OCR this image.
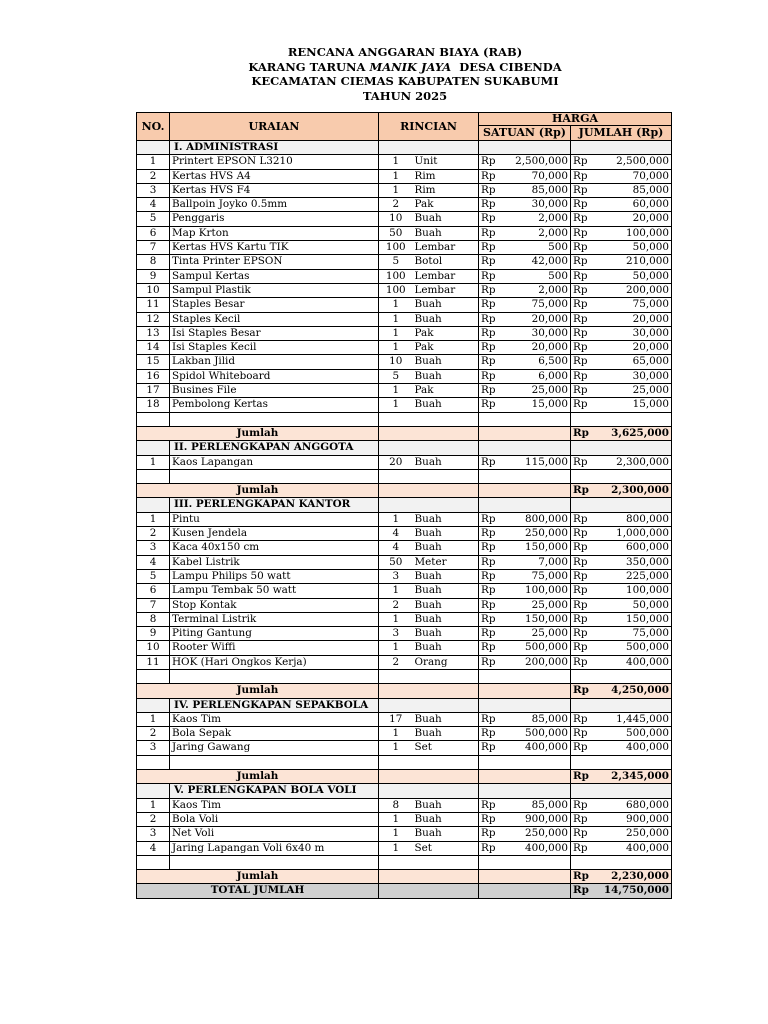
RENCANA ANGGARAN BIAYA (RAB)
KARANG TARUNA MANIK JAYA  DESA CIBENDA
KECAMATAN CIEMAS KABUPATEN SUKABUMI
TAHUN 2025
NO.	URAIAN	RINCIAN		HARGA			
				SATUAN (Rp)		JUMLAH (Rp)	
	I. ADMINISTRASI						
1	Printert EPSON L3210	1	Unit	Rp	2,500,000	Rp	2,500,000
2	Kertas HVS A4	1	Rim	Rp	70,000	Rp	70,000
3	Kertas HVS F4	1	Rim	Rp	85,000	Rp	85,000
4	Ballpoin Joyko 0.5mm	2	Pak	Rp	30,000	Rp	60,000
5	Penggaris	10	Buah	Rp	2,000	Rp	20,000
6	Map Krton	50	Buah	Rp	2,000	Rp	100,000
7	Kertas HVS Kartu TIK	100	Lembar	Rp	500	Rp	50,000
8	Tinta Printer EPSON	5	Botol	Rp	42,000	Rp	210,000
9	Sampul Kertas	100	Lembar	Rp	500	Rp	50,000
10	Sampul Plastik	100	Lembar	Rp	2,000	Rp	200,000
11	Staples Besar	1	Buah	Rp	75,000	Rp	75,000
12	Staples Kecil	1	Buah	Rp	20,000	Rp	20,000
13	Isi Staples Besar	1	Pak	Rp	30,000	Rp	30,000
14	Isi Staples Kecil	1	Pak	Rp	20,000	Rp	20,000
15	Lakban Jilid	10	Buah	Rp	6,500	Rp	65,000
16	Spidol Whiteboard	5	Buah	Rp	6,000	Rp	30,000
17	Busines File	1	Pak	Rp	25,000	Rp	25,000
18	Pembolong Kertas	1	Buah	Rp	15,000	Rp	15,000

Jumlah						Rp	3,625,000
	II. PERLENGKAPAN ANGGOTA						
1	Kaos Lapangan	20	Buah	Rp	115,000	Rp	2,300,000

Jumlah						Rp	2,300,000
	III. PERLENGKAPAN KANTOR						
1	Pintu	1	Buah	Rp	800,000	Rp	800,000
2	Kusen Jendela	4	Buah	Rp	250,000	Rp	1,000,000
3	Kaca 40x150 cm	4	Buah	Rp	150,000	Rp	600,000
4	Kabel Listrik	50	Meter	Rp	7,000	Rp	350,000
5	Lampu Philips 50 watt	3	Buah	Rp	75,000	Rp	225,000
6	Lampu Tembak 50 watt	1	Buah	Rp	100,000	Rp	100,000
7	Stop Kontak	2	Buah	Rp	25,000	Rp	50,000
8	Terminal Listrik	1	Buah	Rp	150,000	Rp	150,000
9	Piting Gantung	3	Buah	Rp	25,000	Rp	75,000
10	Rooter Wiffi	1	Buah	Rp	500,000	Rp	500,000
11	HOK (Hari Ongkos Kerja)	2	Orang	Rp	200,000	Rp	400,000

Jumlah						Rp	4,250,000
	IV. PERLENGKAPAN SEPAKBOLA						
1	Kaos Tim	17	Buah	Rp	85,000	Rp	1,445,000
2	Bola Sepak	1	Buah	Rp	500,000	Rp	500,000
3	Jaring Gawang	1	Set	Rp	400,000	Rp	400,000

Jumlah						Rp	2,345,000
	V. PERLENGKAPAN BOLA VOLI						
1	Kaos Tim	8	Buah	Rp	85,000	Rp	680,000
2	Bola Voli	1	Buah	Rp	900,000	Rp	900,000
3	Net Voli	1	Buah	Rp	250,000	Rp	250,000
4	Jaring Lapangan Voli 6x40 m	1	Set	Rp	400,000	Rp	400,000

Jumlah						Rp	2,230,000
TOTAL JUMLAH						Rp	14,750,000
